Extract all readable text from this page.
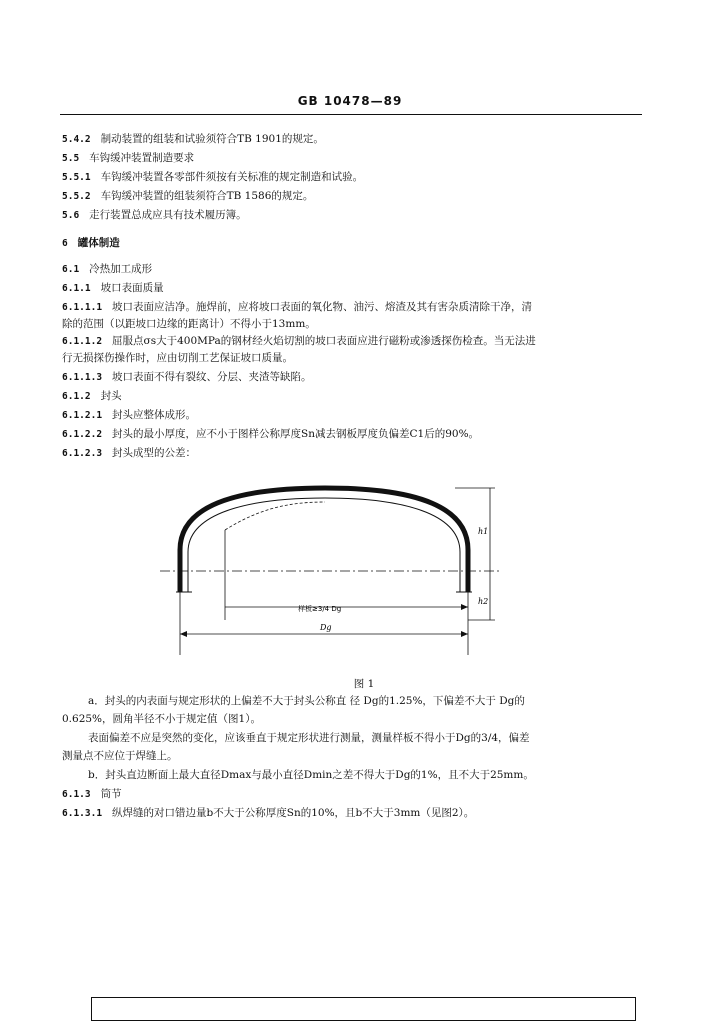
GB 10478—89
5.4.2 制动装置的组装和试验须符合TB 1901的规定。
5.5 车钩缓冲装置制造要求
5.5.1 车钩缓冲装置各零部件须按有关标准的规定制造和试验。
5.5.2 车钩缓冲装置的组装须符合TB 1586的规定。
5.6 走行装置总成应具有技术履历簿。
6 罐体制造
6.1 冷热加工成形
6.1.1 坡口表面质量
6.1.1.1 坡口表面应洁净。施焊前，应将坡口表面的氧化物、油污、熔渣及其有害杂质清除干净，清
除的范围（以距坡口边缘的距离计）不得小于13mm。
6.1.1.2 屈服点σs大于400MPa的钢材经火焰切割的坡口表面应进行磁粉或渗透探伤检查。当无法进
行无损探伤操作时，应由切削工艺保证坡口质量。
6.1.1.3 坡口表面不得有裂纹、分层、夹渣等缺陷。
6.1.2 封头
6.1.2.1 封头应整体成形。
6.1.2.2 封头的最小厚度，应不小于图样公称厚度Sn减去钢板厚度负偏差C1后的90%。
6.1.2.3 封头成型的公差：
h1
h2
样板≥3/4 Dg
Dg
图 1
a．封头的内表面与规定形状的上偏差不大于封头公称直 径 Dg的1.25%，下偏差不大于 Dg的
0.625%，圆角半径不小于规定值（图1）。
表面偏差不应是突然的变化，应该垂直于规定形状进行测量，测量样板不得小于Dg的3/4，偏差
测量点不应位于焊缝上。
b．封头直边断面上最大直径Dmax与最小直径Dmin之差不得大于Dg的1%，且不大于25mm。
6.1.3 筒节
6.1.3.1 纵焊缝的对口错边量b不大于公称厚度Sn的10%，且b不大于3mm（见图2）。
